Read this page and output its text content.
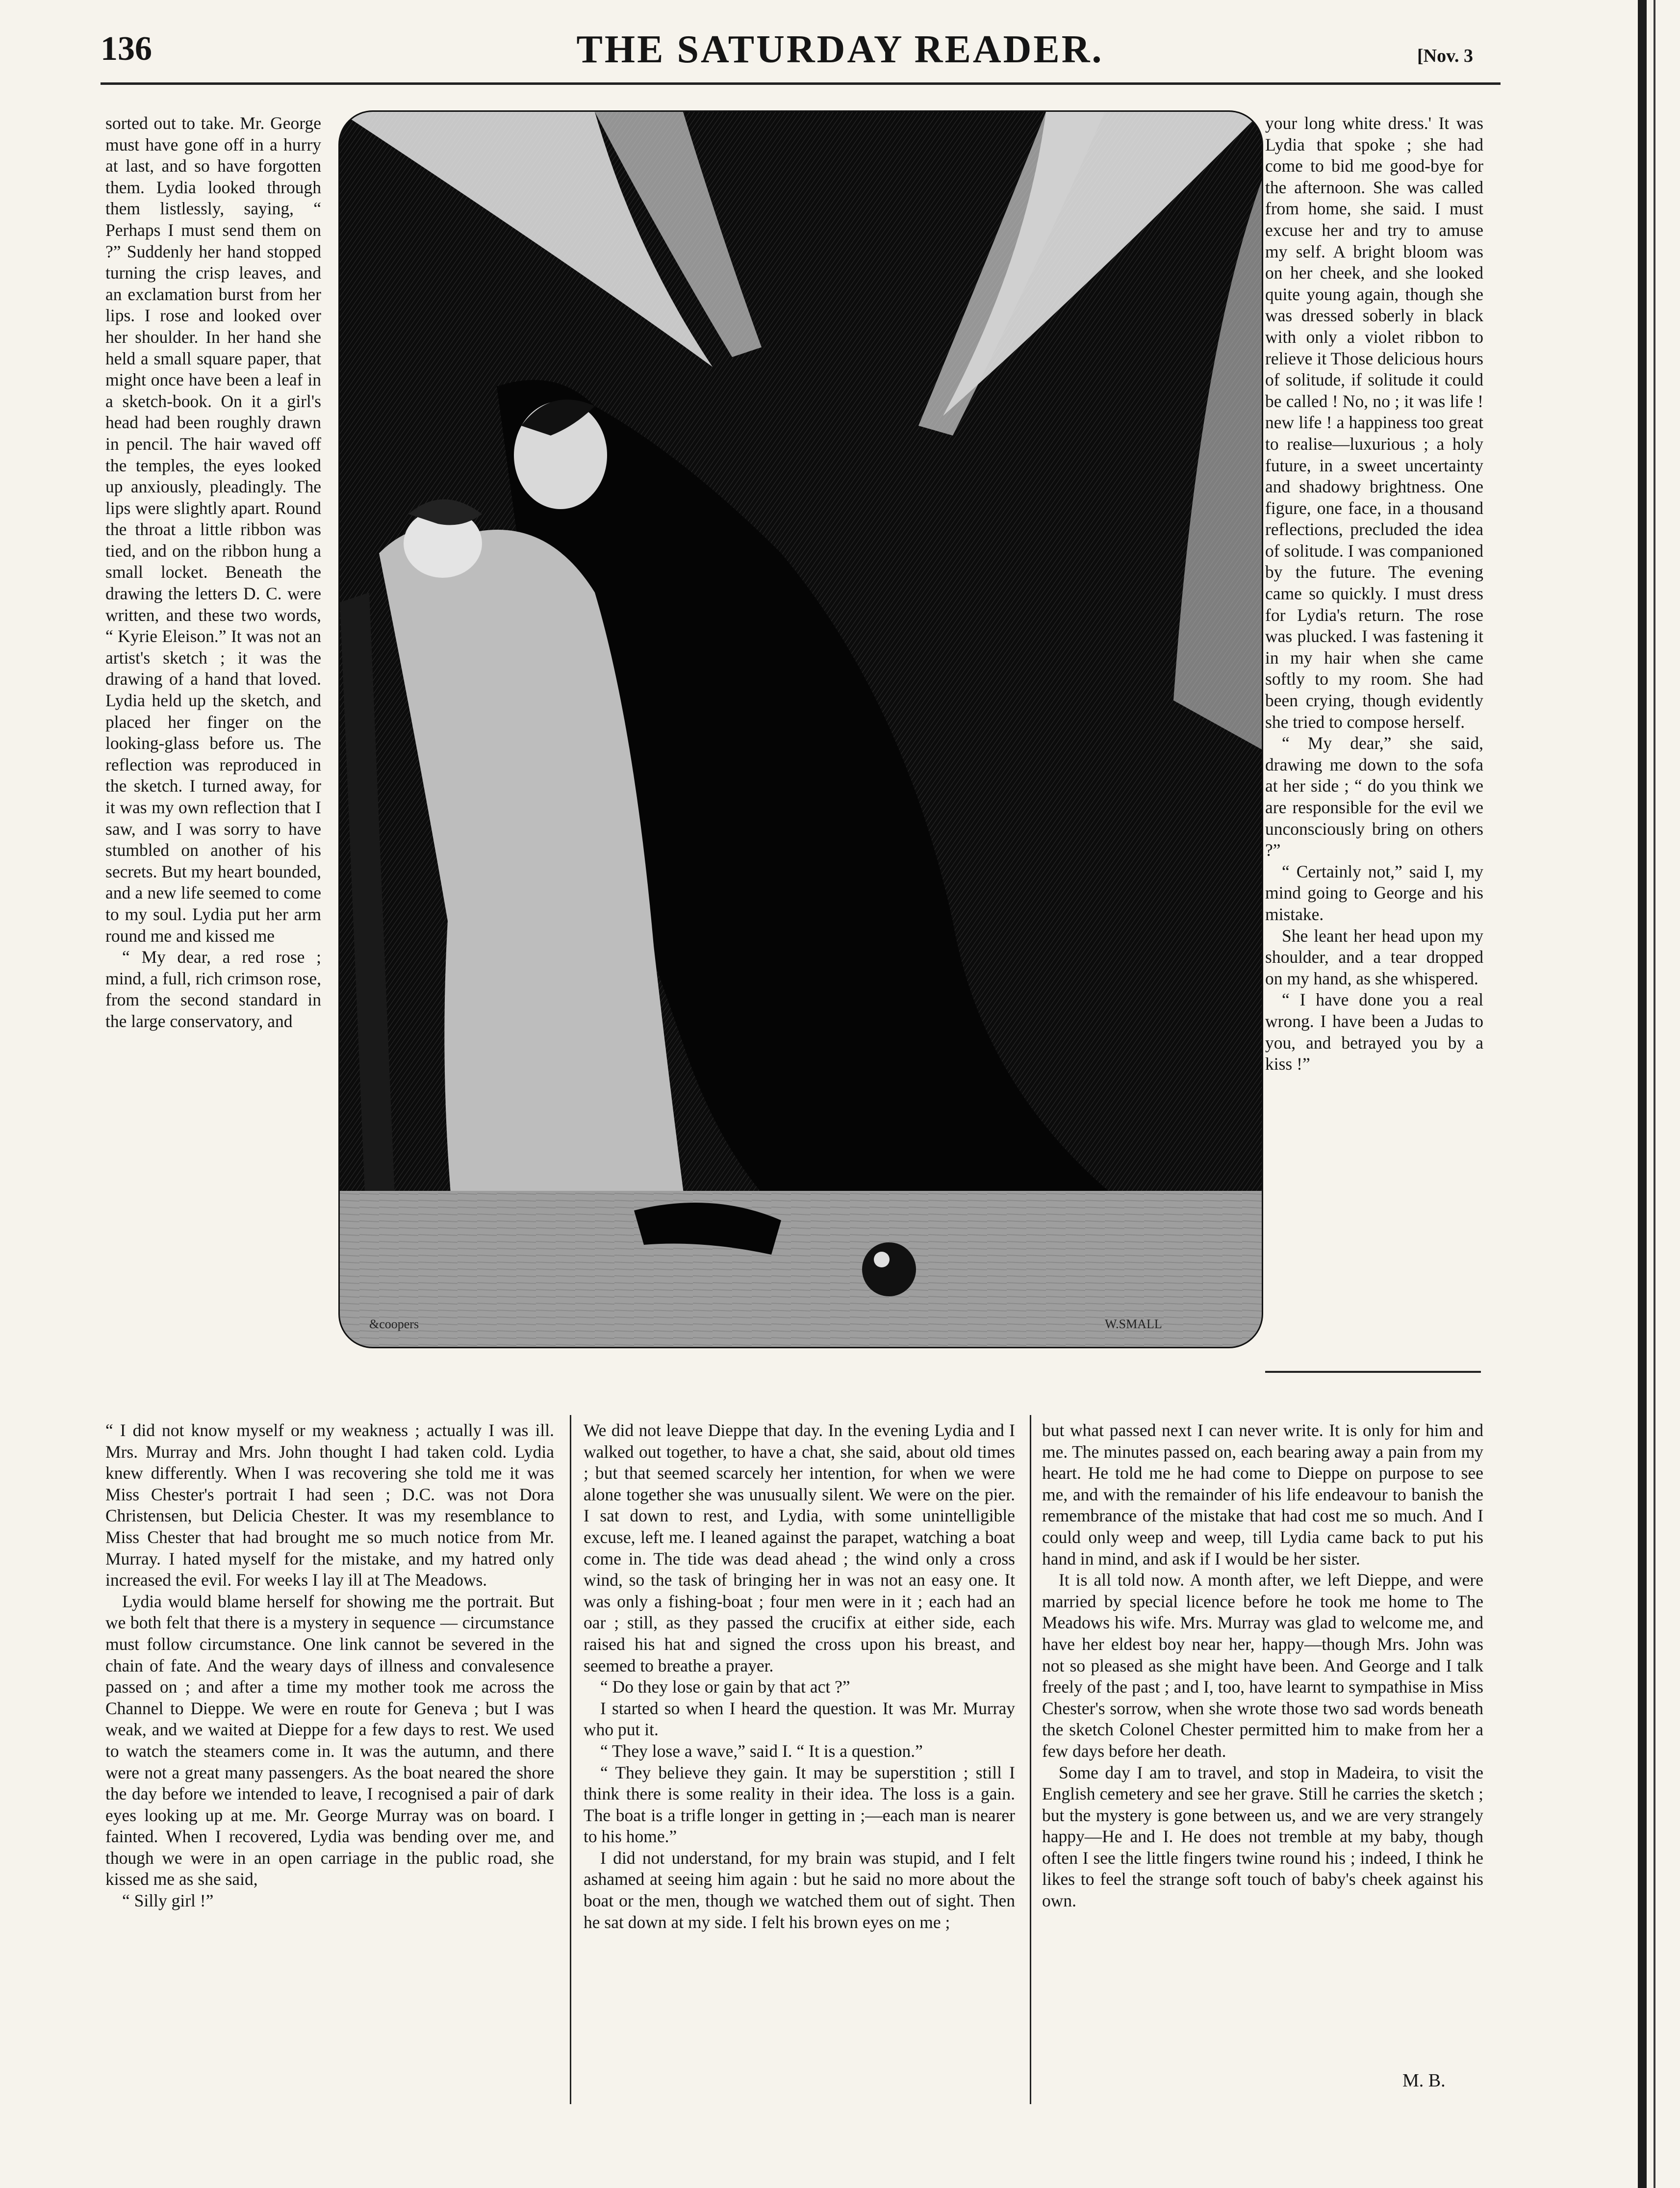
136	THE SATURDAY READER.	[Nov. 3

sorted out to take. Mr. George must have gone off in a hurry at last, and so have forgotten them. Lydia looked through them listlessly, saying, “ Perhaps I must send them on ?” Suddenly her hand stopped turning the crisp leaves, and an exclamation burst from her lips. I rose and looked over her shoulder. In her hand she held a small square paper, that might once have been a leaf in a sketch-book. On it a girl's head had been roughly drawn in pencil. The hair waved off the temples, the eyes looked up anxiously, pleadingly. The lips were slightly apart. Round the throat a little ribbon was tied, and on the ribbon hung a small locket. Beneath the drawing the letters D. C. were written, and these two words, “ Kyrie Eleison.” It was not an artist's sketch ; it was the drawing of a hand that loved. Lydia held up the sketch, and placed her finger on the looking-glass before us. The reflection was reproduced in the sketch. I turned away, for it was my own reflection that I saw, and I was sorry to have stumbled on another of his secrets. But my heart bounded, and a new life seemed to come to my soul. Lydia put her arm round me and kissed me

“ My dear, a red rose ; mind, a full, rich crimson rose, from the second standard in the large conservatory, and

&coopers	W.SMALL

your long white dress.' It was Lydia that spoke ; she had come to bid me good-bye for the afternoon. She was called from home, she said. I must excuse her and try to amuse my self. A bright bloom was on her cheek, and she looked quite young again, though she was dressed soberly in black with only a violet ribbon to relieve it Those delicious hours of solitude, if solitude it could be called ! No, no ; it was life ! new life ! a happiness too great to realise—luxurious ; a holy future, in a sweet uncertainty and shadowy brightness. One figure, one face, in a thousand reflections, precluded the idea of solitude. I was companioned by the future. The evening came so quickly. I must dress for Lydia's return. The rose was plucked. I was fastening it in my hair when she came softly to my room. She had been crying, though evidently she tried to compose herself.

“ My dear,” she said, drawing me down to the sofa at her side ; “ do you think we are responsible for the evil we unconsciously bring on others ?”

“ Certainly not,” said I, my mind going to George and his mistake.

She leant her head upon my shoulder, and a tear dropped on my hand, as she whispered.

“ I have done you a real wrong. I have been a Judas to you, and betrayed you by a kiss !”

“ I did not know myself or my weakness ; actually I was ill. Mrs. Murray and Mrs. John thought I had taken cold. Lydia knew differently. When I was recovering she told me it was Miss Chester's portrait I had seen ; D.C. was not Dora Christensen, but Delicia Chester. It was my resemblance to Miss Chester that had brought me so much notice from Mr. Murray. I hated myself for the mistake, and my hatred only increased the evil. For weeks I lay ill at The Meadows.

Lydia would blame herself for showing me the portrait. But we both felt that there is a mystery in sequence — circumstance must follow circumstance. One link cannot be severed in the chain of fate. And the weary days of illness and convalesence passed on ; and after a time my mother took me across the Channel to Dieppe. We were en route for Geneva ; but I was weak, and we waited at Dieppe for a few days to rest. We used to watch the steamers come in. It was the autumn, and there were not a great many passengers. As the boat neared the shore the day before we intended to leave, I recognised a pair of dark eyes looking up at me. Mr. George Murray was on board. I fainted. When I recovered, Lydia was bending over me, and though we were in an open carriage in the public road, she kissed me as she said,

“ Silly girl !”

We did not leave Dieppe that day. In the evening Lydia and I walked out together, to have a chat, she said, about old times ; but that seemed scarcely her intention, for when we were alone together she was unusually silent. We were on the pier. I sat down to rest, and Lydia, with some unintelligible excuse, left me. I leaned against the parapet, watching a boat come in. The tide was dead ahead ; the wind only a cross wind, so the task of bringing her in was not an easy one. It was only a fishing-boat ; four men were in it ; each had an oar ; still, as they passed the crucifix at either side, each raised his hat and signed the cross upon his breast, and seemed to breathe a prayer.

“ Do they lose or gain by that act ?”

I started so when I heard the question. It was Mr. Murray who put it.

“ They lose a wave,” said I. “ It is a question.”

“ They believe they gain. It may be superstition ; still I think there is some reality in their idea. The loss is a gain. The boat is a trifle longer in getting in ;—each man is nearer to his home.”

I did not understand, for my brain was stupid, and I felt ashamed at seeing him again : but he said no more about the boat or the men, though we watched them out of sight. Then he sat down at my side. I felt his brown eyes on me ;

but what passed next I can never write. It is only for him and me. The minutes passed on, each bearing away a pain from my heart. He told me he had come to Dieppe on purpose to see me, and with the remainder of his life endeavour to banish the remembrance of the mistake that had cost me so much. And I could only weep and weep, till Lydia came back to put his hand in mind, and ask if I would be her sister.

It is all told now. A month after, we left Dieppe, and were married by special licence before he took me home to The Meadows his wife. Mrs. Murray was glad to welcome me, and have her eldest boy near her, happy—though Mrs. John was not so pleased as she might have been. And George and I talk freely of the past ; and I, too, have learnt to sympathise in Miss Chester's sorrow, when she wrote those two sad words beneath the sketch Colonel Chester permitted him to make from her a few days before her death.

Some day I am to travel, and stop in Madeira, to visit the English cemetery and see her grave. Still he carries the sketch ; but the mystery is gone between us, and we are very strangely happy—He and I. He does not tremble at my baby, though often I see the little fingers twine round his ; indeed, I think he likes to feel the strange soft touch of baby's cheek against his own.

M. B.
